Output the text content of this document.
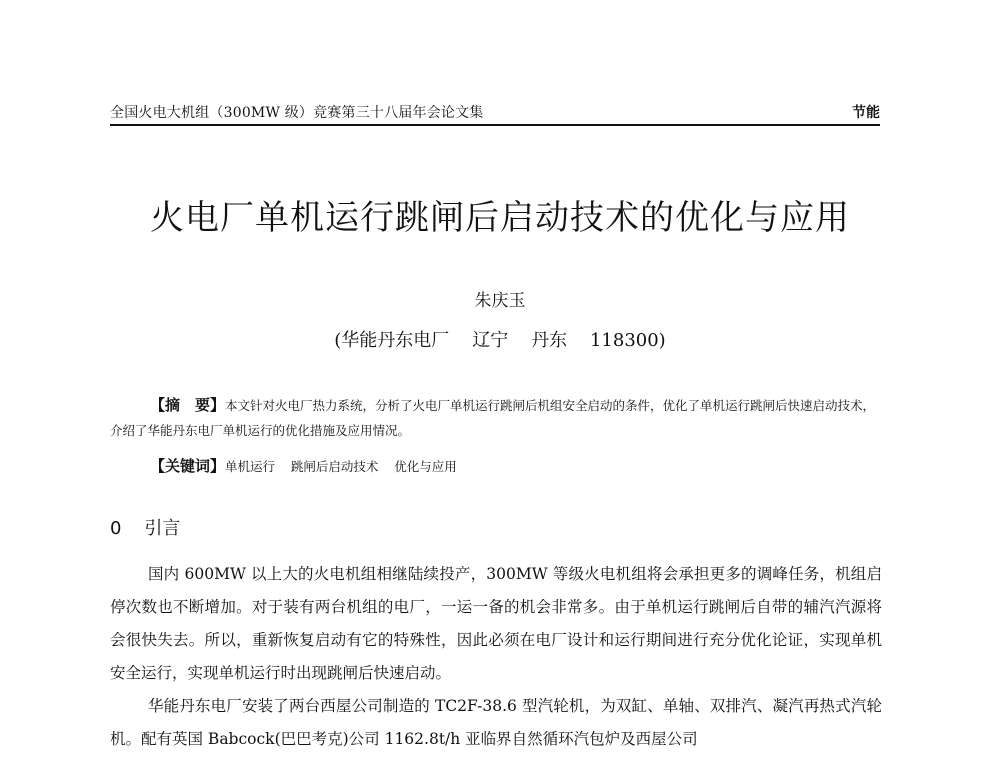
全国火电大机组（300MW 级）竞赛第三十八届年会论文集	节能
火电厂单机运行跳闸后启动技术的优化与应用
朱庆玉
(华能丹东电厂    辽宁    丹东    118300)
【摘　要】本文针对火电厂热力系统，分析了火电厂单机运行跳闸后机组安全启动的条件，优化了单机运行跳闸后快速启动技术，介绍了华能丹东电厂单机运行的优化措施及应用情况。
【关键词】单机运行    跳闸后启动技术    优化与应用
0    引言

国内 600MW 以上大的火电机组相继陆续投产，300MW 等级火电机组将会承担更多的调峰任务，机组启停次数也不断增加。对于装有两台机组的电厂，一运一备的机会非常多。由于单机运行跳闸后自带的辅汽汽源将会很快失去。所以，重新恢复启动有它的特殊性，因此必须在电厂设计和运行期间进行充分优化论证，实现单机安全运行，实现单机运行时出现跳闸后快速启动。

华能丹东电厂安装了两台西屋公司制造的 TC2F-38.6 型汽轮机，为双缸、单轴、双排汽、凝汽再热式汽轮机。配有英国 Babcock(巴巴考克)公司 1162.8t/h 亚临界自然循环汽包炉及西屋公司
